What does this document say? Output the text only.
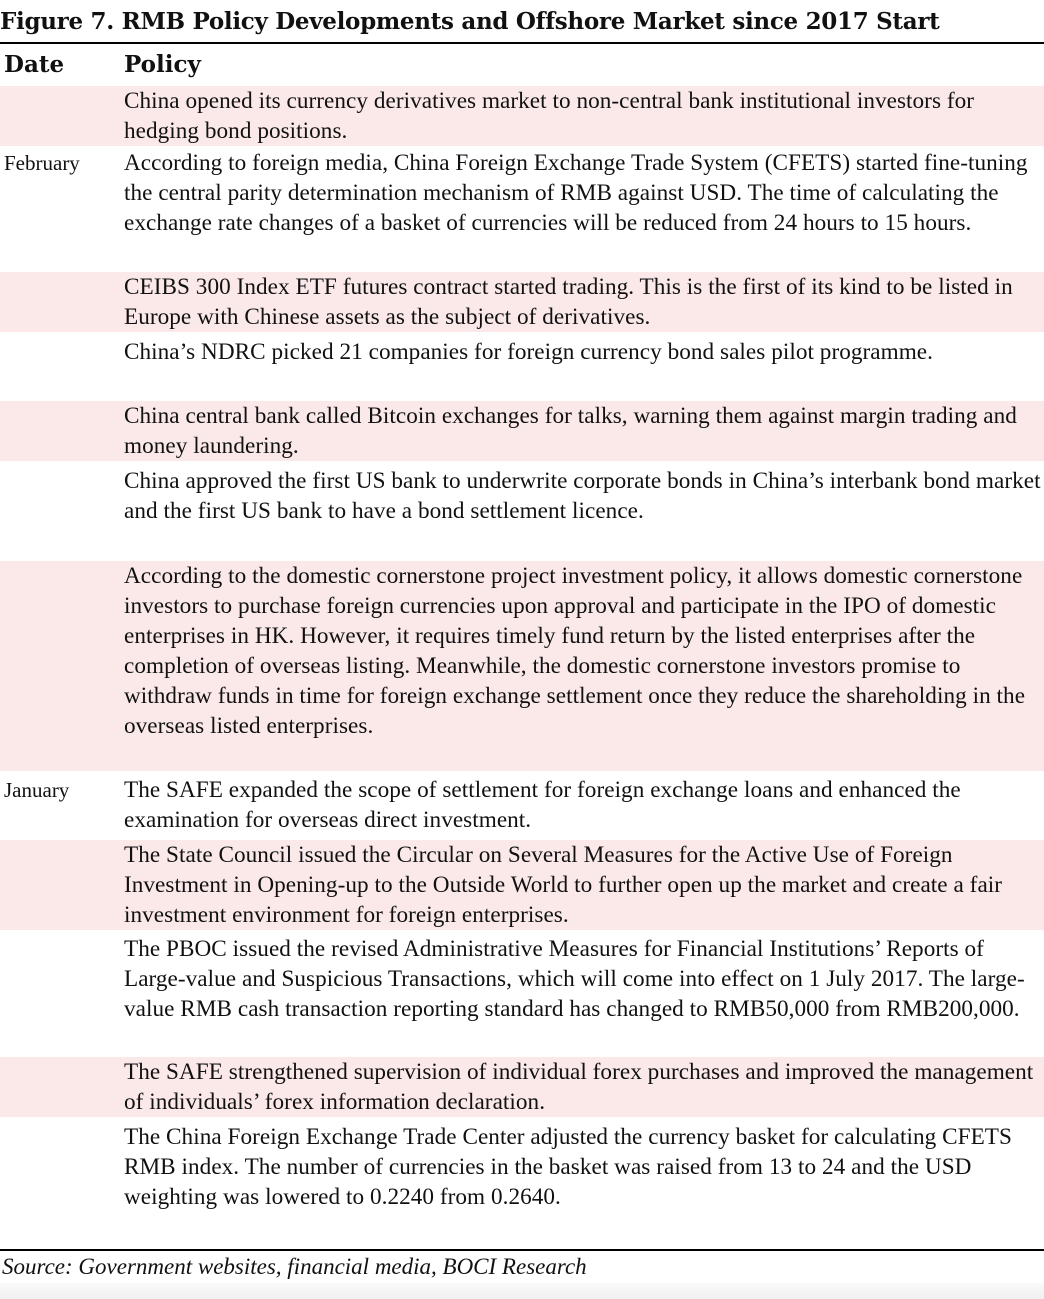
Figure 7. RMB Policy Developments and Offshore Market since 2017 Start
Date	Policy
China opened its currency derivatives market to non-central bank institutional investors for hedging bond positions.
February According to foreign media, China Foreign Exchange Trade System (CFETS) started fine-tuning the central parity determination mechanism of RMB against USD. The time of calculating the exchange rate changes of a basket of currencies will be reduced from 24 hours to 15 hours.
CEIBS 300 Index ETF futures contract started trading. This is the first of its kind to be listed in Europe with Chinese assets as the subject of derivatives.
China’s NDRC picked 21 companies for foreign currency bond sales pilot programme.
China central bank called Bitcoin exchanges for talks, warning them against margin trading and money laundering.
China approved the first US bank to underwrite corporate bonds in China’s interbank bond market and the first US bank to have a bond settlement licence.
According to the domestic cornerstone project investment policy, it allows domestic cornerstone investors to purchase foreign currencies upon approval and participate in the IPO of domestic enterprises in HK. However, it requires timely fund return by the listed enterprises after the completion of overseas listing. Meanwhile, the domestic cornerstone investors promise to withdraw funds in time for foreign exchange settlement once they reduce the shareholding in the overseas listed enterprises.
January The SAFE expanded the scope of settlement for foreign exchange loans and enhanced the examination for overseas direct investment.
The State Council issued the Circular on Several Measures for the Active Use of Foreign Investment in Opening-up to the Outside World to further open up the market and create a fair investment environment for foreign enterprises.
The PBOC issued the revised Administrative Measures for Financial Institutions’ Reports of Large-value and Suspicious Transactions, which will come into effect on 1 July 2017. The large-value RMB cash transaction reporting standard has changed to RMB50,000 from RMB200,000.
The SAFE strengthened supervision of individual forex purchases and improved the management of individuals’ forex information declaration.
The China Foreign Exchange Trade Center adjusted the currency basket for calculating CFETS RMB index. The number of currencies in the basket was raised from 13 to 24 and the USD weighting was lowered to 0.2240 from 0.2640.
Source: Government websites, financial media, BOCI Research
